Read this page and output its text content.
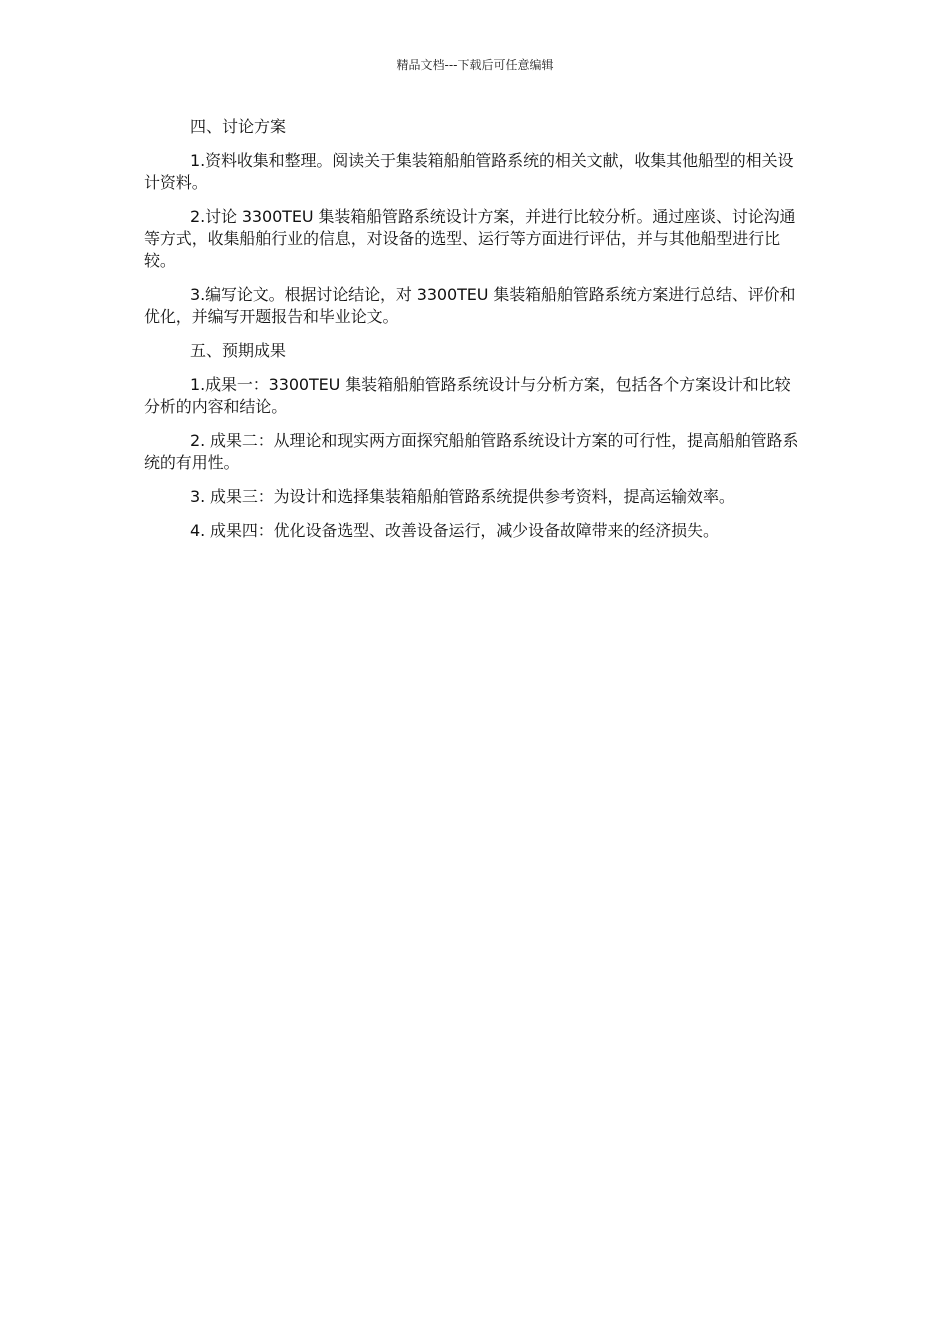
精品文档---下载后可任意编辑
四、讨论方案

1.资料收集和整理。阅读关于集装箱船舶管路系统的相关文献，收集其他船型的相关设计资料。

2.讨论 3300TEU 集装箱船管路系统设计方案，并进行比较分析。通过座谈、讨论沟通等方式，收集船舶行业的信息，对设备的选型、运行等方面进行评估，并与其他船型进行比较。

3.编写论文。根据讨论结论，对 3300TEU 集装箱船舶管路系统方案进行总结、评价和优化，并编写开题报告和毕业论文。

五、预期成果

1.成果一：3300TEU 集装箱船舶管路系统设计与分析方案，包括各个方案设计和比较分析的内容和结论。

2. 成果二：从理论和现实两方面探究船舶管路系统设计方案的可行性，提高船舶管路系统的有用性。

3. 成果三：为设计和选择集装箱船舶管路系统提供参考资料，提高运输效率。

4. 成果四：优化设备选型、改善设备运行，减少设备故障带来的经济损失。
